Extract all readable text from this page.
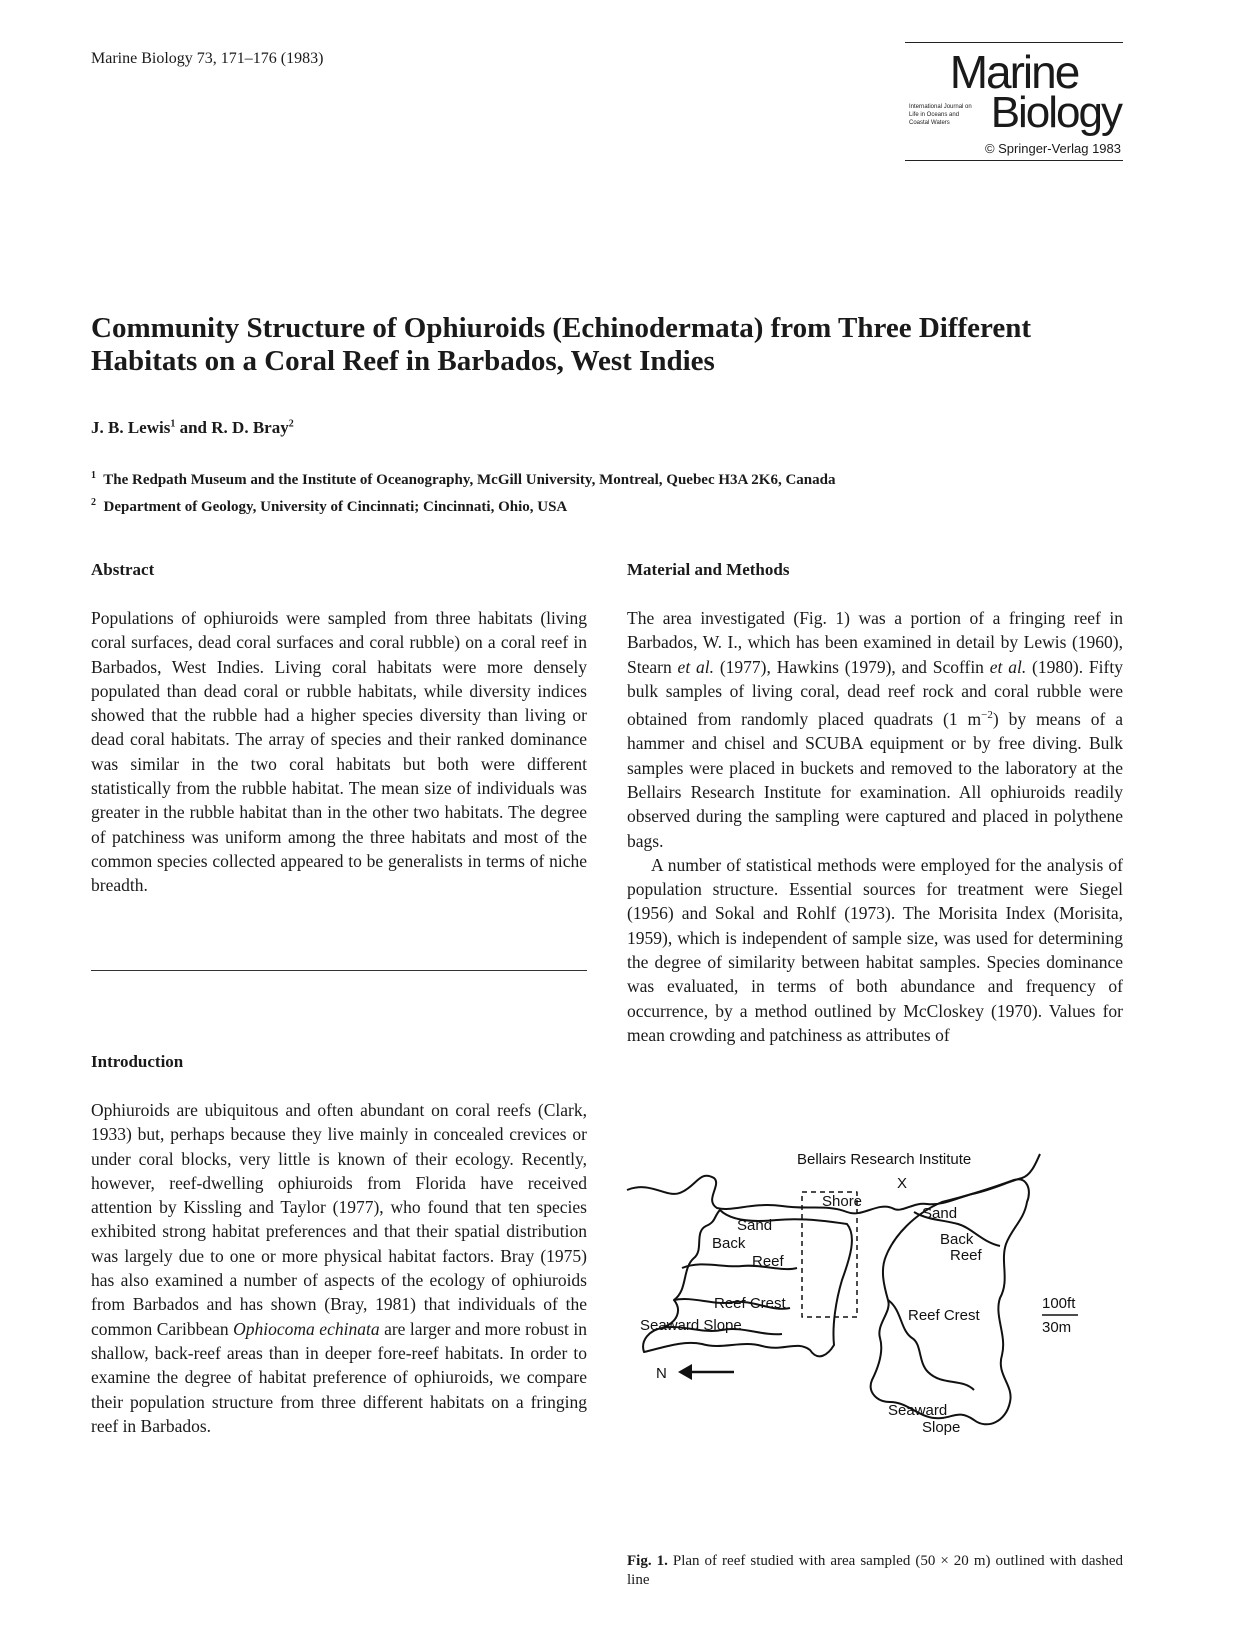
Marine Biology 73, 171–176 (1983)	Marine
International Journal on Life in Oceans and Coastal Waters Biology
© Springer-Verlag 1983
Community Structure of Ophiuroids (Echinodermata) from Three Different Habitats on a Coral Reef in Barbados, West Indies
J. B. Lewis$^1$ and R. D. Bray$^2$
$^1$ The Redpath Museum and the Institute of Oceanography, McGill University, Montreal, Quebec H3A 2K6, Canada
$^2$ Department of Geology, University of Cincinnati; Cincinnati, Ohio, USA
Abstract

Populations of ophiuroids were sampled from three habitats (living coral surfaces, dead coral surfaces and coral rubble) on a coral reef in Barbados, West Indies. Living coral habitats were more densely populated than dead coral or rubble habitats, while diversity indices showed that the rubble had a higher species diversity than living or dead coral habitats. The array of species and their ranked dominance was similar in the two coral habitats but both were different statistically from the rubble habitat. The mean size of individuals was greater in the rubble habitat than in the other two habitats. The degree of patchiness was uniform among the three habitats and most of the common species collected appeared to be generalists in terms of niche breadth.

Introduction

Ophiuroids are ubiquitous and often abundant on coral reefs (Clark, 1933) but, perhaps because they live mainly in concealed crevices or under coral blocks, very little is known of their ecology. Recently, however, reef-dwelling ophiuroids from Florida have received attention by Kissling and Taylor (1977), who found that ten species exhibited strong habitat preferences and that their spatial distribution was largely due to one or more physical habitat factors. Bray (1975) has also examined a number of aspects of the ecology of ophiuroids from Barbados and has shown (Bray, 1981) that individuals of the common Caribbean Ophiocoma echinata are larger and more robust in shallow, back-reef areas than in deeper fore-reef habitats. In order to examine the degree of habitat preference of ophiuroids, we compare their population structure from three different habitats on a fringing reef in Barbados.

Material and Methods

The area investigated (Fig. 1) was a portion of a fringing reef in Barbados, W. I., which has been examined in detail by Lewis (1960), Stearn et al. (1977), Hawkins (1979), and Scoffin et al. (1980). Fifty bulk samples of living coral, dead reef rock and coral rubble were obtained from randomly placed quadrats (1 $m^{-2}$) by means of a hammer and chisel and SCUBA equipment or by free diving. Bulk samples were placed in buckets and removed to the laboratory at the Bellairs Research Institute for examination. All ophiuroids readily observed during the sampling were captured and placed in polythene bags.

A number of statistical methods were employed for the analysis of population structure. Essential sources for treatment were Siegel (1956) and Sokal and Rohlf (1973). The Morisita Index (Morisita, 1959), which is independent of sample size, was used for determining the degree of similarity between habitat samples. Species dominance was evaluated, in terms of both abundance and frequency of occurrence, by a method outlined by McCloskey (1970). Values for mean crowding and patchiness as attributes of

Bellairs Research Institute
X
Shore
Sand
Sand
Back
Reef
Back
Reef
Reef Crest
Reef Crest
Seaward Slope
Seaward
Slope
100ft
30m
N
Fig. 1. Plan of reef studied with area sampled (50 × 20 m) outlined with dashed line
